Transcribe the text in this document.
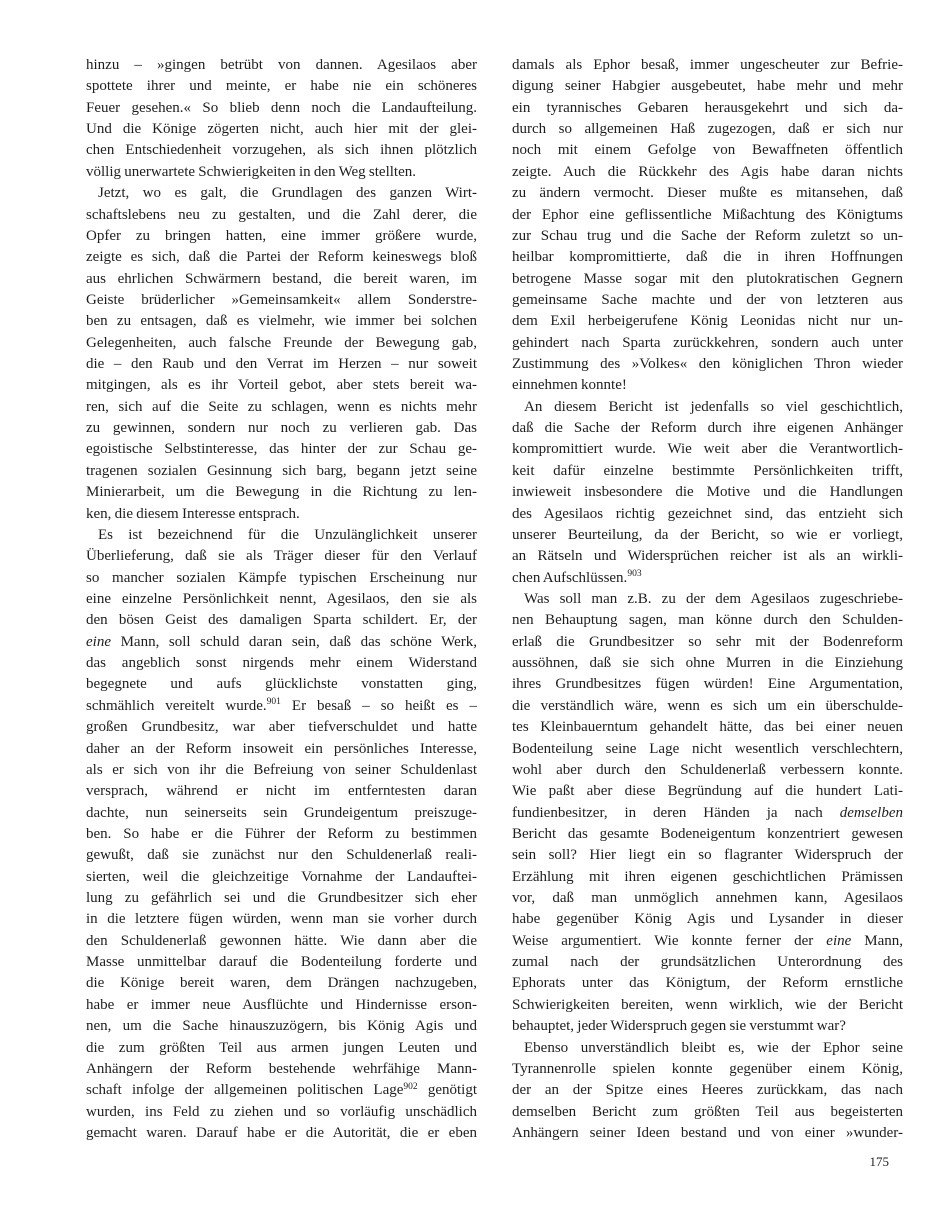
hinzu – »gingen betrübt von dannen. Agesilaos aber
spottete ihrer und meinte, er habe nie ein schöneres
Feuer gesehen.« So blieb denn noch die Landaufteilung.
Und die Könige zögerten nicht, auch hier mit der glei-
chen Entschiedenheit vorzugehen, als sich ihnen plötzlich
völlig unerwartete Schwierigkeiten in den Weg stellten.
Jetzt, wo es galt, die Grundlagen des ganzen Wirt-
schaftslebens neu zu gestalten, und die Zahl derer, die
Opfer zu bringen hatten, eine immer größere wurde,
zeigte es sich, daß die Partei der Reform keineswegs bloß
aus ehrlichen Schwärmern bestand, die bereit waren, im
Geiste brüderlicher »Gemeinsamkeit« allem Sonderstre-
ben zu entsagen, daß es vielmehr, wie immer bei solchen
Gelegenheiten, auch falsche Freunde der Bewegung gab,
die – den Raub und den Verrat im Herzen – nur soweit
mitgingen, als es ihr Vorteil gebot, aber stets bereit wa-
ren, sich auf die Seite zu schlagen, wenn es nichts mehr
zu gewinnen, sondern nur noch zu verlieren gab. Das
egoistische Selbstinteresse, das hinter der zur Schau ge-
tragenen sozialen Gesinnung sich barg, begann jetzt seine
Minierarbeit, um die Bewegung in die Richtung zu len-
ken, die diesem Interesse entsprach.
Es ist bezeichnend für die Unzulänglichkeit unserer
Überlieferung, daß sie als Träger dieser für den Verlauf
so mancher sozialen Kämpfe typischen Erscheinung nur
eine einzelne Persönlichkeit nennt, Agesilaos, den sie als
den bösen Geist des damaligen Sparta schildert. Er, der
eine Mann, soll schuld daran sein, daß das schöne Werk,
das angeblich sonst nirgends mehr einem Widerstand
begegnete und aufs glücklichste vonstatten ging,
schmählich vereitelt wurde.$^{901}$ Er besaß – so heißt es –
großen Grundbesitz, war aber tiefverschuldet und hatte
daher an der Reform insoweit ein persönliches Interesse,
als er sich von ihr die Befreiung von seiner Schuldenlast
versprach, während er nicht im entferntesten daran
dachte, nun seinerseits sein Grundeigentum preiszuge-
ben. So habe er die Führer der Reform zu bestimmen
gewußt, daß sie zunächst nur den Schuldenerlaß reali-
sierten, weil die gleichzeitige Vornahme der Landauftei-
lung zu gefährlich sei und die Grundbesitzer sich eher
in die letztere fügen würden, wenn man sie vorher durch
den Schuldenerlaß gewonnen hätte. Wie dann aber die
Masse unmittelbar darauf die Bodenteilung forderte und
die Könige bereit waren, dem Drängen nachzugeben,
habe er immer neue Ausflüchte und Hindernisse erson-
nen, um die Sache hinauszuzögern, bis König Agis und
die zum größten Teil aus armen jungen Leuten und
Anhängern der Reform bestehende wehrfähige Mann-
schaft infolge der allgemeinen politischen Lage$^{902}$ genötigt
wurden, ins Feld zu ziehen und so vorläufig unschädlich
gemacht waren. Darauf habe er die Autorität, die er eben
damals als Ephor besaß, immer ungescheuter zur Befrie-
digung seiner Habgier ausgebeutet, habe mehr und mehr
ein tyrannisches Gebaren herausgekehrt und sich da-
durch so allgemeinen Haß zugezogen, daß er sich nur
noch mit einem Gefolge von Bewaffneten öffentlich
zeigte. Auch die Rückkehr des Agis habe daran nichts
zu ändern vermocht. Dieser mußte es mitansehen, daß
der Ephor eine geflissentliche Mißachtung des Königtums
zur Schau trug und die Sache der Reform zuletzt so un-
heilbar kompromittierte, daß die in ihren Hoffnungen
betrogene Masse sogar mit den plutokratischen Gegnern
gemeinsame Sache machte und der von letzteren aus
dem Exil herbeigerufene König Leonidas nicht nur un-
gehindert nach Sparta zurückkehren, sondern auch unter
Zustimmung des »Volkes« den königlichen Thron wieder
einnehmen konnte!
An diesem Bericht ist jedenfalls so viel geschichtlich,
daß die Sache der Reform durch ihre eigenen Anhänger
kompromittiert wurde. Wie weit aber die Verantwortlich-
keit dafür einzelne bestimmte Persönlichkeiten trifft,
inwieweit insbesondere die Motive und die Handlungen
des Agesilaos richtig gezeichnet sind, das entzieht sich
unserer Beurteilung, da der Bericht, so wie er vorliegt,
an Rätseln und Widersprüchen reicher ist als an wirkli-
chen Aufschlüssen.$^{903}$
Was soll man z.B. zu der dem Agesilaos zugeschriebe-
nen Behauptung sagen, man könne durch den Schulden-
erlaß die Grundbesitzer so sehr mit der Bodenreform
aussöhnen, daß sie sich ohne Murren in die Einziehung
ihres Grundbesitzes fügen würden! Eine Argumentation,
die verständlich wäre, wenn es sich um ein überschulde-
tes Kleinbauerntum gehandelt hätte, das bei einer neuen
Bodenteilung seine Lage nicht wesentlich verschlechtern,
wohl aber durch den Schuldenerlaß verbessern konnte.
Wie paßt aber diese Begründung auf die hundert Lati-
fundienbesitzer, in deren Händen ja nach demselben
Bericht das gesamte Bodeneigentum konzentriert gewesen
sein soll? Hier liegt ein so flagranter Widerspruch der
Erzählung mit ihren eigenen geschichtlichen Prämissen
vor, daß man unmöglich annehmen kann, Agesilaos
habe gegenüber König Agis und Lysander in dieser
Weise argumentiert. Wie konnte ferner der eine Mann,
zumal nach der grundsätzlichen Unterordnung des
Ephorats unter das Königtum, der Reform ernstliche
Schwierigkeiten bereiten, wenn wirklich, wie der Bericht
behauptet, jeder Widerspruch gegen sie verstummt war?
Ebenso unverständlich bleibt es, wie der Ephor seine
Tyrannenrolle spielen konnte gegenüber einem König,
der an der Spitze eines Heeres zurückkam, das nach
demselben Bericht zum größten Teil aus begeisterten
Anhängern seiner Ideen bestand und von einer »wunder-
175
